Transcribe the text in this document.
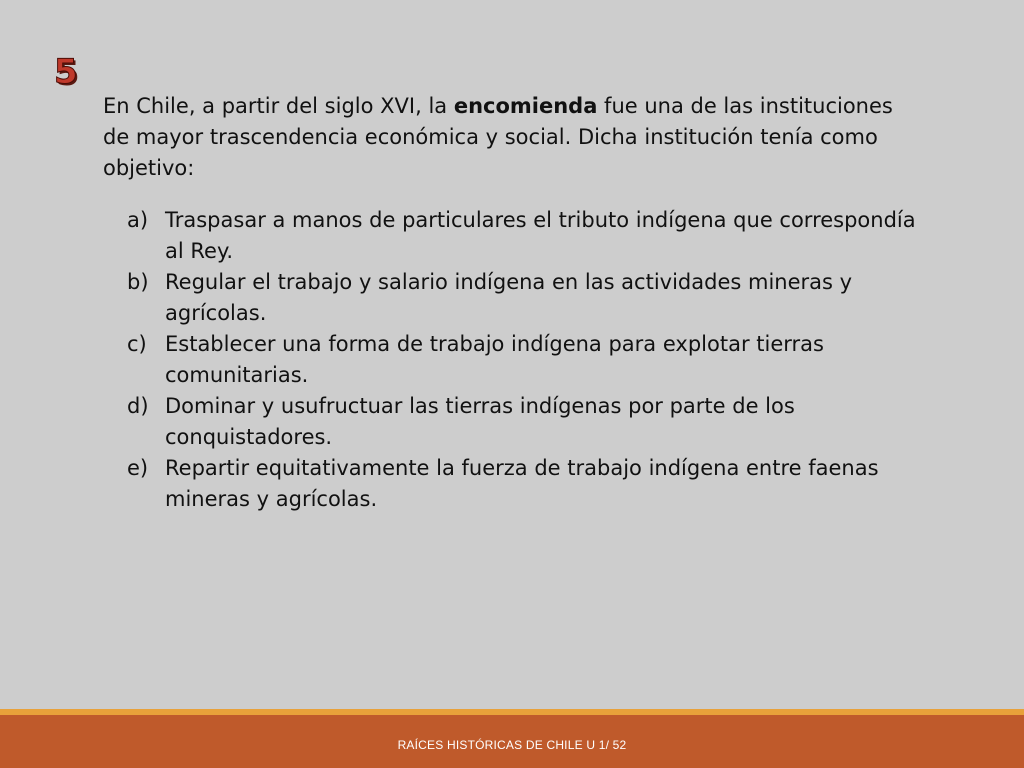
5
En Chile, a partir del siglo XVI, la encomienda fue una de las instituciones de mayor trascendencia económica y social. Dicha institución tenía como objetivo:
a) Traspasar a manos de particulares el tributo indígena que correspondía al Rey.
b) Regular el trabajo y salario indígena en las actividades mineras y agrícolas.
c) Establecer una forma de trabajo indígena para explotar tierras comunitarias.
d) Dominar y usufructuar las tierras indígenas por parte de los conquistadores.
e) Repartir equitativamente la fuerza de trabajo indígena entre faenas mineras y agrícolas.
RAÍCES HISTÓRICAS DE CHILE U 1/ 52
